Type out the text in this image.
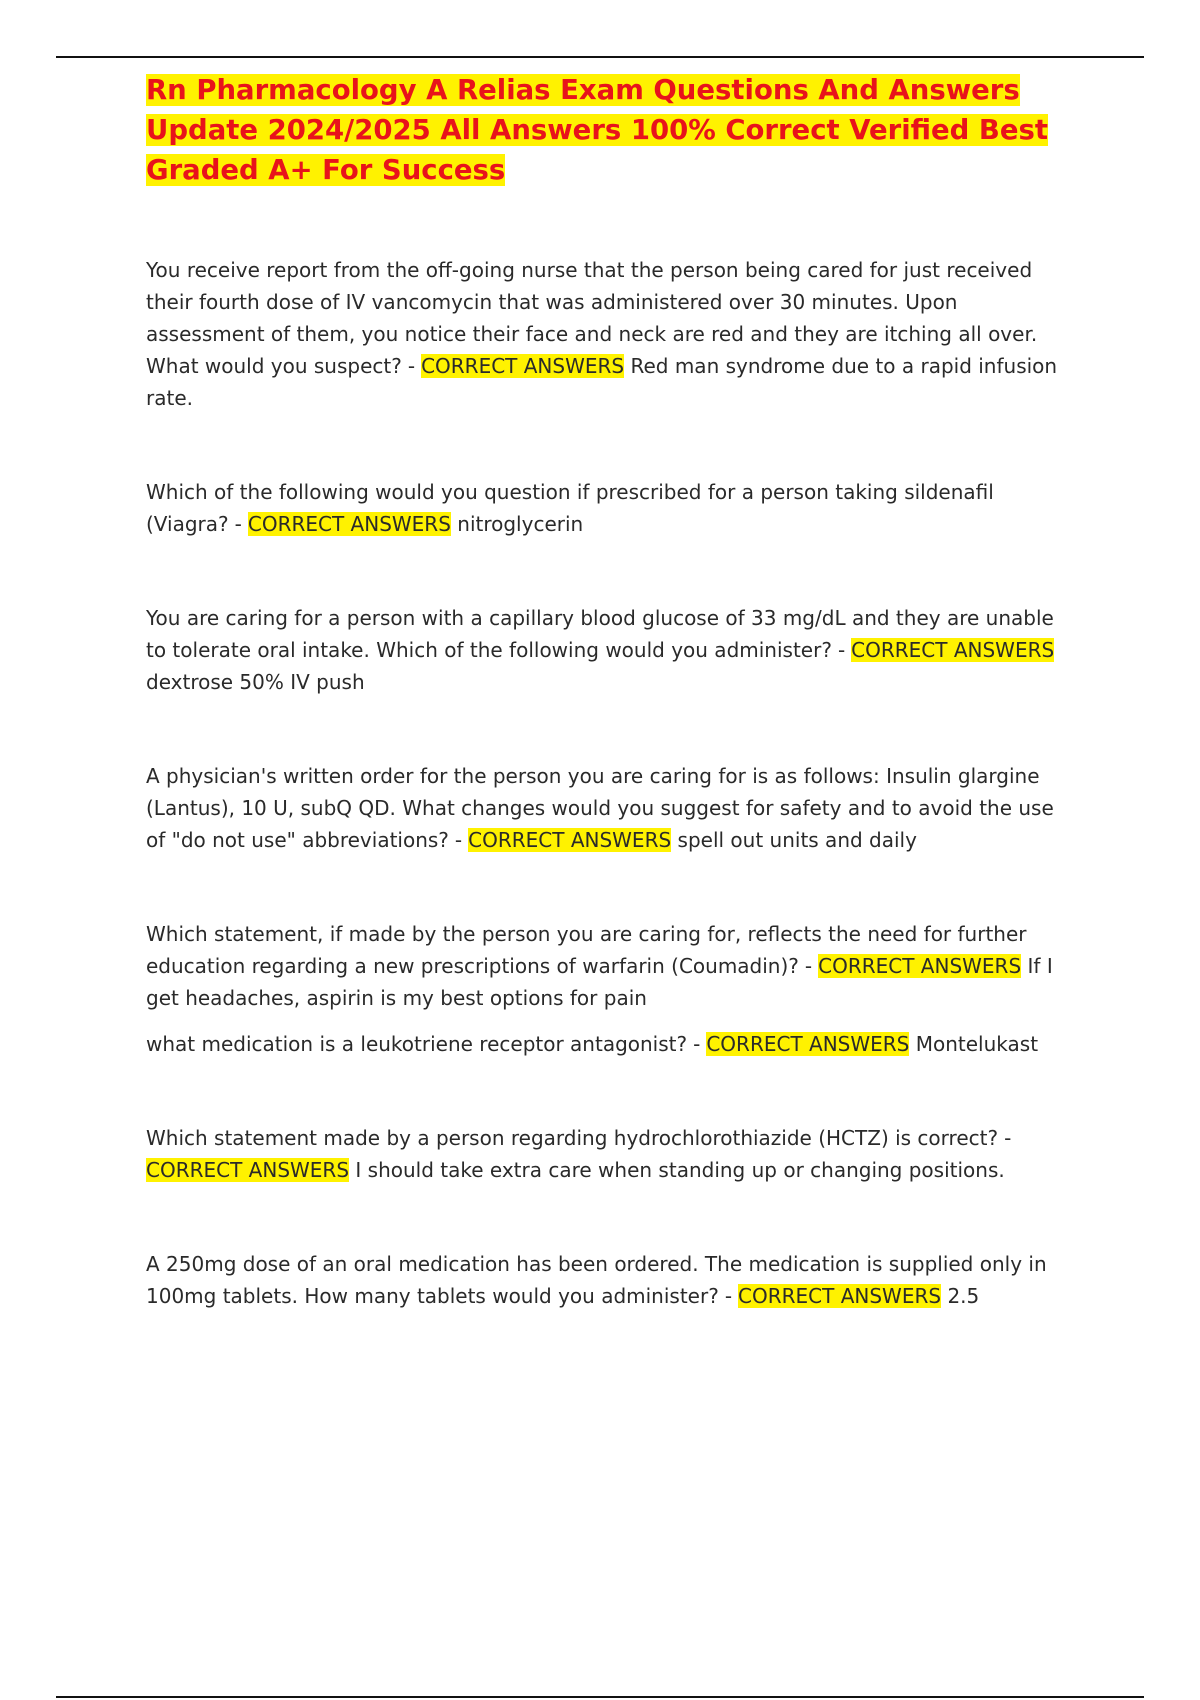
Rn Pharmacology A Relias Exam Questions And Answers Update 2024/2025 All Answers 100% Correct Verified Best Graded A+ For Success

You receive report from the off-going nurse that the person being cared for just received their fourth dose of IV vancomycin that was administered over 30 minutes. Upon assessment of them, you notice their face and neck are red and they are itching all over. What would you suspect? - CORRECT ANSWERS Red man syndrome due to a rapid infusion rate.

Which of the following would you question if prescribed for a person taking sildenafil (Viagra? - CORRECT ANSWERS nitroglycerin

You are caring for a person with a capillary blood glucose of 33 mg/dL and they are unable to tolerate oral intake. Which of the following would you administer? - CORRECT ANSWERS dextrose 50% IV push

A physician's written order for the person you are caring for is as follows: Insulin glargine (Lantus), 10 U, subQ QD. What changes would you suggest for safety and to avoid the use of "do not use" abbreviations? - CORRECT ANSWERS spell out units and daily

Which statement, if made by the person you are caring for, reflects the need for further education regarding a new prescriptions of warfarin (Coumadin)? - CORRECT ANSWERS If I get headaches, aspirin is my best options for pain

what medication is a leukotriene receptor antagonist? - CORRECT ANSWERS Montelukast

Which statement made by a person regarding hydrochlorothiazide (HCTZ) is correct? -CORRECT ANSWERS I should take extra care when standing up or changing positions.

A 250mg dose of an oral medication has been ordered. The medication is supplied only in 100mg tablets. How many tablets would you administer? - CORRECT ANSWERS 2.5
